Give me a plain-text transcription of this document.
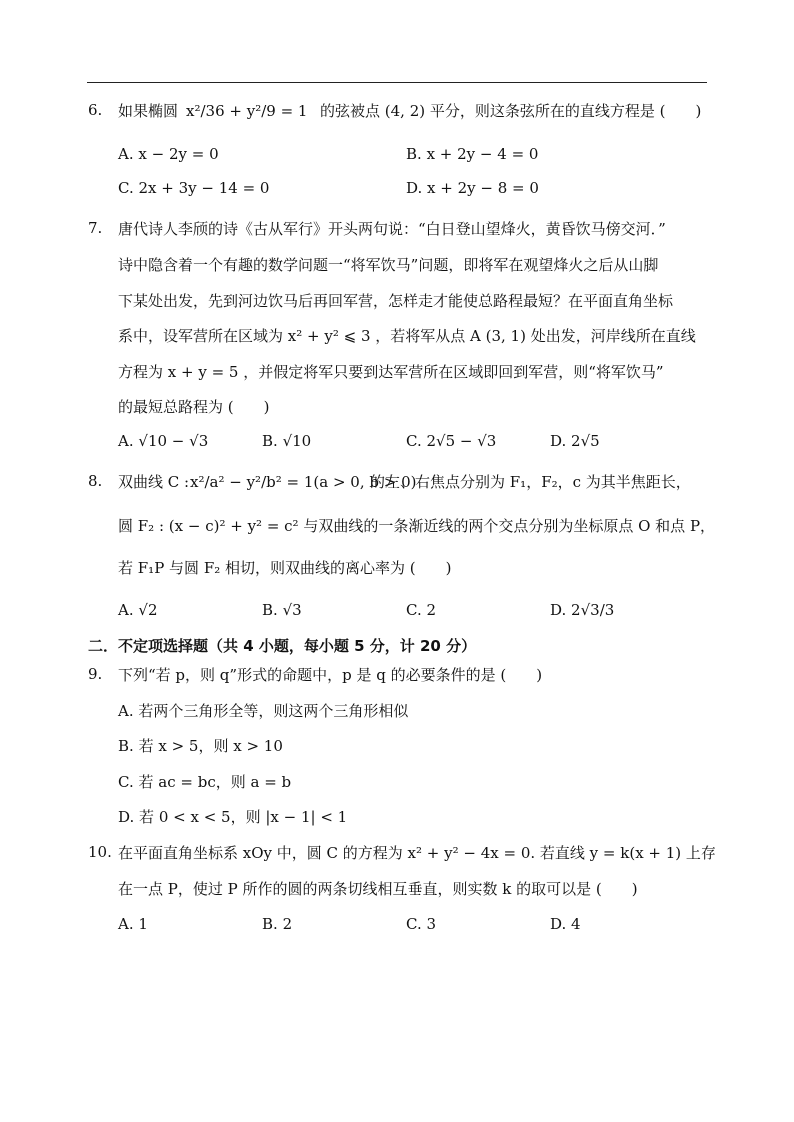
6. 如果椭圆 x²/36 + y²/9 = 1 的弦被点 (4, 2) 平分，则这条弦所在的直线方程是 (　　)
A. x − 2y = 0	B. x + 2y − 4 = 0
C. 2x + 3y − 14 = 0	D. x + 2y − 8 = 0
7. 唐代诗人李颀的诗《古从军行》开头两句说：“白日登山望烽火，黄昏饮马傍交河．”
诗中隐含着一个有趣的数学问题一“将军饮马”问题，即将军在观望烽火之后从山脚
下某处出发，先到河边饮马后再回军营，怎样走才能使总路程最短？在平面直角坐标
系中，设军营所在区域为 x² + y² ⩽ 3 ，若将军从点 A (3, 1) 处出发，河岸线所在直线
方程为 x + y = 5 ，并假定将军只要到达军营所在区域即回到军营，则“将军饮马”
的最短总路程为 (　　)
A. √10 − √3	B. √10	C. 2√5 − √3	D. 2√5
8. 双曲线 C : x²/a² − y²/b² = 1(a > 0, b > 0)
的左、右焦点分别为 F₁，F₂，c 为其半焦距长，
圆 F₂ : (x − c)² + y² = c² 与双曲线的一条渐近线的两个交点分别为坐标原点 O 和点 P，
若 F₁P 与圆 F₂ 相切，则双曲线的离心率为 (　　)
A. √2	B. √3	C. 2	D. 2√3/3
二．不定项选择题（共 4 小题，每小题 5 分，计 20 分）
9. 下列“若 p，则 q”形式的命题中，p 是 q 的必要条件的是 (　　)
A. 若两个三角形全等，则这两个三角形相似
B. 若 x > 5，则 x > 10
C. 若 ac = bc，则 a = b
D. 若 0 < x < 5，则 |x − 1| < 1
10. 在平面直角坐标系 xOy 中，圆 C 的方程为 x² + y² − 4x = 0. 若直线 y = k(x + 1) 上存
在一点 P，使过 P 所作的圆的两条切线相互垂直，则实数 k 的取可以是 (　　)
A. 1	B. 2	C. 3	D. 4
